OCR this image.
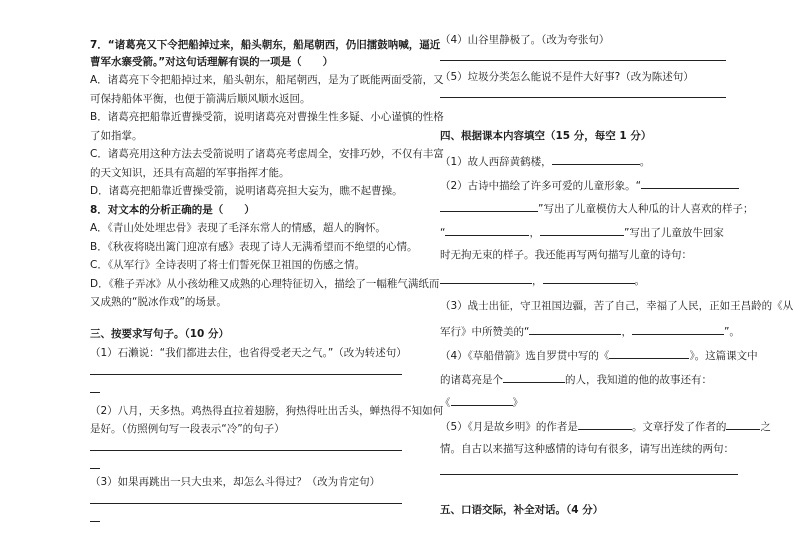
7．“诸葛亮又下令把船掉过来，船头朝东，船尾朝西，仍旧擂鼓呐喊，逼近
曹军水寨受箭。”对这句话理解有误的一项是（　　）
A．诸葛亮下令把船掉过来，船头朝东，船尾朝西，是为了既能两面受箭，又
可保持船体平衡，也便于箭满后顺风顺水返回。
B．诸葛亮把船靠近曹操受箭，说明诸葛亮对曹操生性多疑、小心谨慎的性格
了如指掌。
C．诸葛亮用这种方法去受箭说明了诸葛亮考虑周全，安排巧妙，不仅有丰富
的天文知识，还具有高超的军事指挥才能。
D．诸葛亮把船靠近曹操受箭，说明诸葛亮担大妄为，瞧不起曹操。
8．对文本的分析正确的是（　　）
A．《青山处处埋忠骨》表现了毛泽东常人的情感，超人的胸怀。
B．《秋夜将晓出篱门迎凉有感》表现了诗人无满希望而不绝望的心情。
C．《从军行》全诗表明了将士们誓死保卫祖国的伤感之情。
D．《稚子弄冰》从小孩幼稚又成熟的心理特征切入，描绘了一幅稚气满纸而
又成熟的“脱冰作戏”的场景。
三、按要求写句子。（10 分）
（1）石濑说：“我们都进去住，也省得受老天之气。”（改为转述句）
（2）八月，天多热。鸡热得直拉着翅膀，狗热得吐出舌头，蝉热得不知如何
是好。（仿照例句写一段表示“冷”的句子）
（3）如果再跳出一只大虫来，却怎么斗得过？（改为肯定句）
（4）山谷里静极了。（改为夸张句）
（5）垃圾分类怎么能说不是件大好事?（改为陈述句）
四、根据课本内容填空（15 分，每空 1 分）
（1）故人西辞黄鹤楼，	。
（2）古诗中描绘了许多可爱的儿童形象。“
”写出了儿童模仿大人种瓜的计人喜欢的样子；
“	，	”写出了儿童放牛回家
时无拘无束的样子。我还能再写两句描写儿童的诗句：
，	。
（3）战士出征，守卫祖国边疆，苦了自己，幸福了人民，正如王昌龄的《从
军行》中所赞美的“	，	”。
（4）《草船借箭》选自罗贯中写的《	》。这篇课文中
的诸葛亮是个	的人，我知道的他的故事还有：
《	》
（5）《月是故乡明》的作者是	。文章抒发了作者的	之
情。自古以来描写这种感情的诗句有很多，请写出连续的两句：
五、口语交际，补全对话。（4 分）
